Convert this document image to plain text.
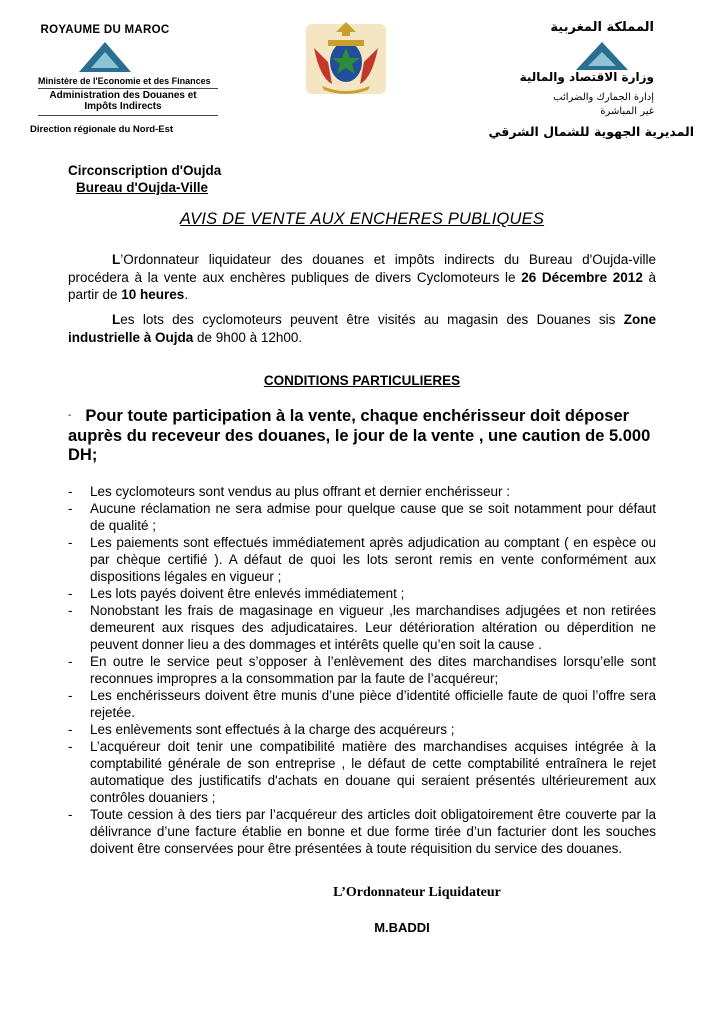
ROYAUME DU MAROC
Ministère de l'Economie et des Finances
Administration des Douanes et Impôts Indirects
Direction régionale du Nord-Est
المملكة المغربية
وزارة الاقتصاد والمالية
إدارة الجمارك والضرائب
غير المباشرة
المديرية الجهوية للشمال الشرقي
Circonscription d'Oujda
Bureau d'Oujda-Ville
AVIS DE VENTE AUX ENCHERES PUBLIQUES
L’Ordonnateur liquidateur des douanes et impôts indirects du Bureau d'Oujda-ville procédera à la vente aux enchères publiques de divers Cyclomoteurs le 26 Décembre 2012 à partir de 10 heures.
Les lots des cyclomoteurs peuvent être visités au magasin des Douanes sis Zone industrielle à Oujda de 9h00 à 12h00.
CONDITIONS PARTICULIERES
- Pour toute participation à la vente, chaque enchérisseur doit déposer auprès du receveur des douanes, le jour de la vente , une caution de 5.000 DH;
- Les cyclomoteurs sont vendus au plus offrant et dernier enchérisseur :
- Aucune réclamation ne sera admise pour quelque cause que se soit notamment pour défaut de qualité ;
- Les paiements sont effectués immédiatement après adjudication au comptant ( en espèce ou par chèque certifié ). A défaut de quoi les lots seront remis en vente conformément aux dispositions légales en vigueur ;
- Les lots payés doivent être enlevés immédiatement ;
- Nonobstant les frais de magasinage en vigueur ,les marchandises adjugées et non retirées demeurent aux risques des adjudicataires. Leur détérioration altération ou déperdition ne peuvent donner lieu a des dommages et intérêts quelle qu’en soit la cause .
- En outre le service peut s’opposer à l’enlèvement des dites marchandises lorsqu’elle sont reconnues impropres a la consommation par la faute de l’acquéreur;
- Les enchérisseurs doivent être munis d’une pièce d’identité officielle faute de quoi l’offre sera rejetée.
- Les enlèvements sont effectués à la charge des acquéreurs ;
- L’acquéreur doit tenir une compatibilité matière des marchandises acquises intégrée à la comptabilité générale de son entreprise , le défaut de cette comptabilité entraînera le rejet automatique des justificatifs d'achats en douane qui seraient présentés ultérieurement aux contrôles douaniers ;
- Toute cession à des tiers par l’acquéreur des articles doit obligatoirement être couverte par la délivrance d’une facture établie en bonne et due forme tirée d’un facturier dont les souches doivent être conservées pour être présentées à toute réquisition du service des douanes.
L’Ordonnateur Liquidateur
M.BADDI
